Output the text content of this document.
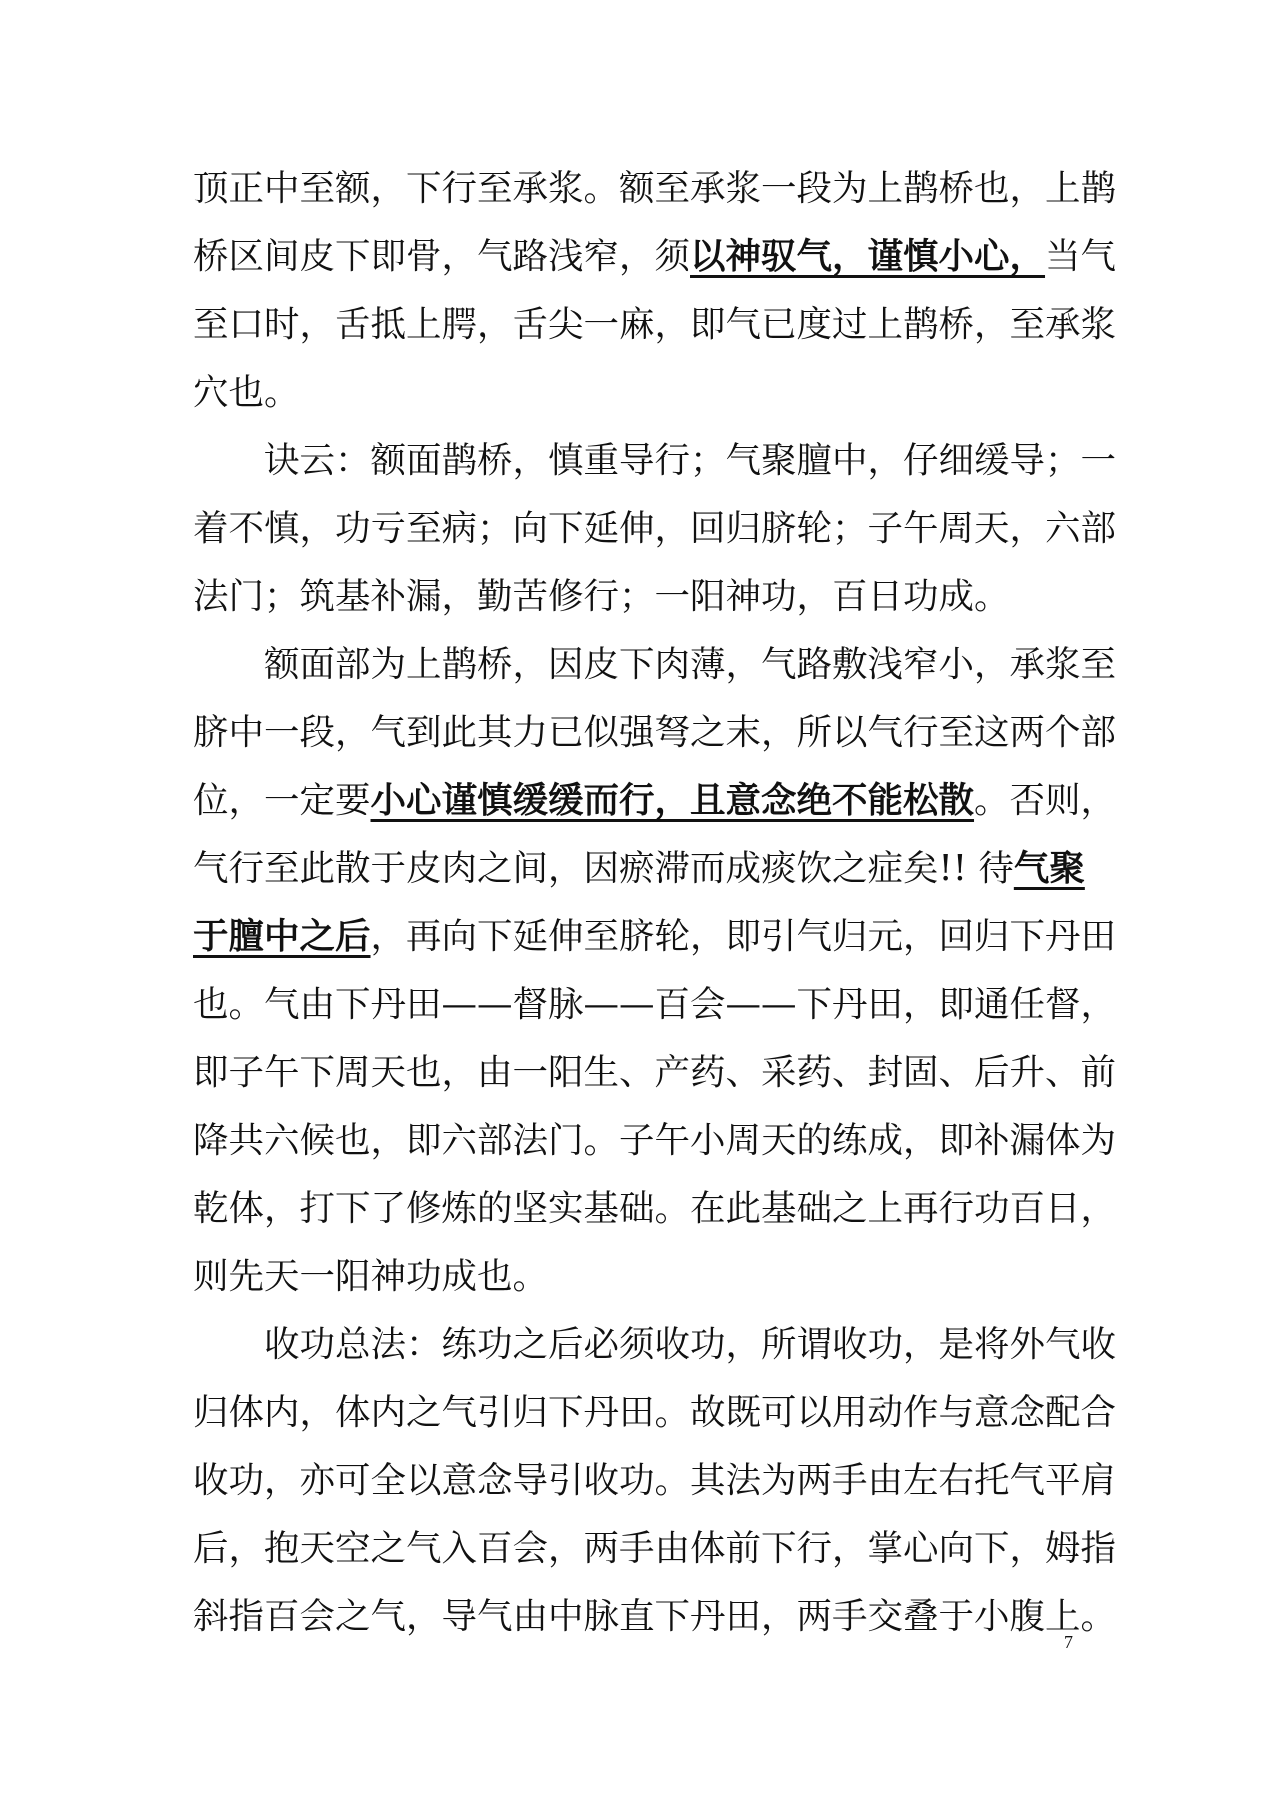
顶正中至额，下行至承浆。额至承浆一段为上鹊桥也，上鹊
桥区间皮下即骨，气路浅窄，须以神驭气，谨慎小心，当气
至口时，舌抵上腭，舌尖一麻，即气已度过上鹊桥，至承浆
穴也。
诀云：额面鹊桥，慎重导行；气聚膻中，仔细缓导；一
着不慎，功亏至病；向下延伸，回归脐轮；子午周天，六部
法门；筑基补漏，勤苦修行；一阳神功，百日功成。
额面部为上鹊桥，因皮下肉薄，气路敷浅窄小，承浆至
脐中一段，气到此其力已似强弩之末，所以气行至这两个部
位，一定要小心谨慎缓缓而行，且意念绝不能松散。否则，
气行至此散于皮肉之间，因瘀滞而成痰饮之症矣!! 待气聚
于膻中之后，再向下延伸至脐轮，即引气归元，回归下丹田
也。气由下丹田——督脉——百会——下丹田，即通任督，
即子午下周天也，由一阳生、产药、采药、封固、后升、前
降共六候也，即六部法门。子午小周天的练成，即补漏体为
乾体，打下了修炼的坚实基础。在此基础之上再行功百日，
则先天一阳神功成也。
收功总法：练功之后必须收功，所谓收功，是将外气收
归体内，体内之气引归下丹田。故既可以用动作与意念配合
收功，亦可全以意念导引收功。其法为两手由左右托气平肩
后，抱天空之气入百会，两手由体前下行，掌心向下，姆指
斜指百会之气，导气由中脉直下丹田，两手交叠于小腹上。
7
